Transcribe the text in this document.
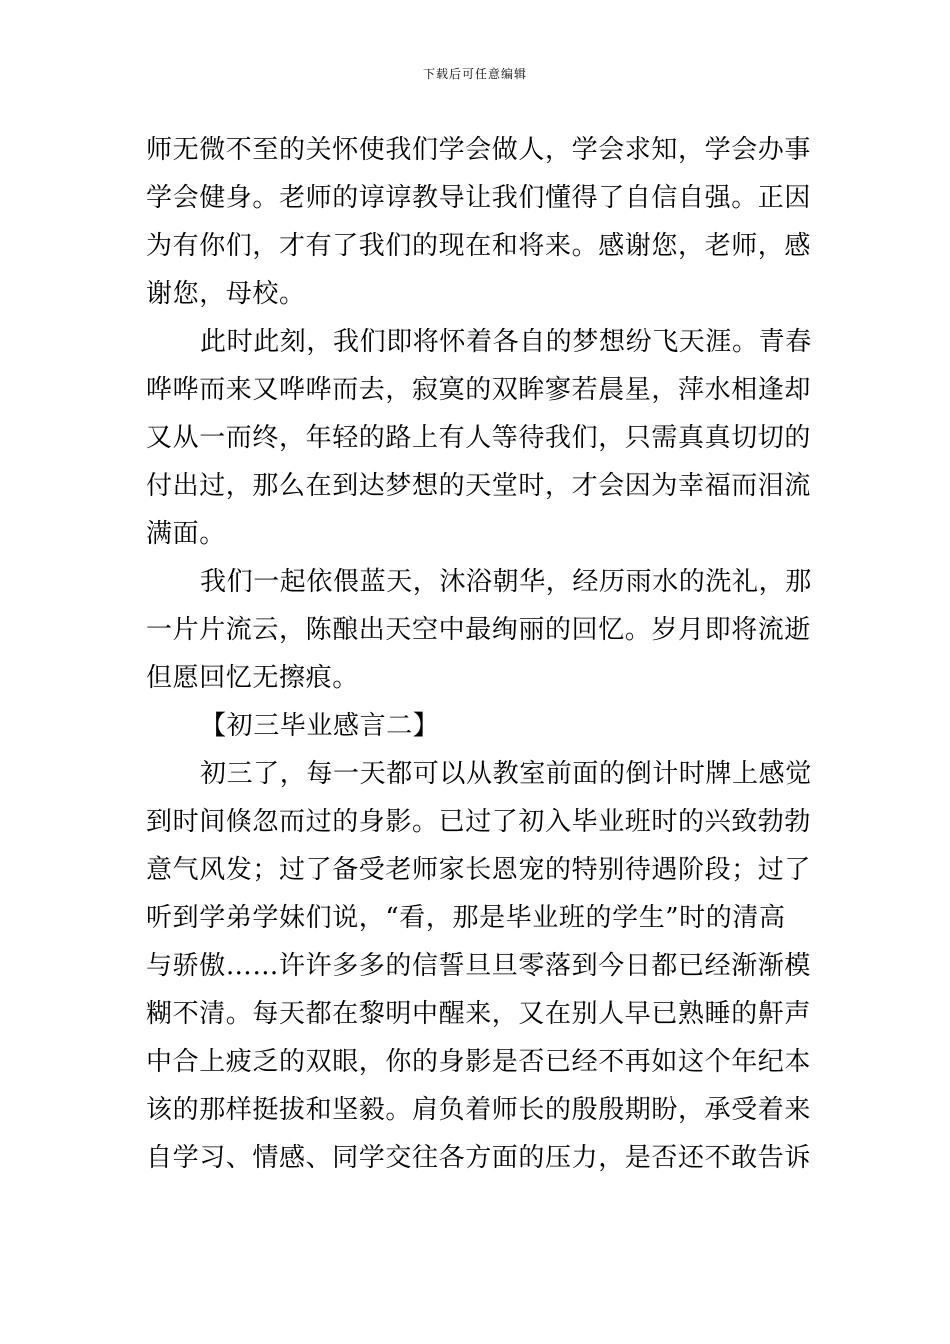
下载后可任意编辑
师无微不至的关怀使我们学会做人，学会求知，学会办事
学会健身。老师的谆谆教导让我们懂得了自信自强。正因
为有你们，才有了我们的现在和将来。感谢您，老师，感
谢您，母校。
此时此刻，我们即将怀着各自的梦想纷飞天涯。青春
哗哗而来又哗哗而去，寂寞的双眸寥若晨星，萍水相逢却
又从一而终，年轻的路上有人等待我们，只需真真切切的
付出过，那么在到达梦想的天堂时，才会因为幸福而泪流
满面。
我们一起依偎蓝天，沐浴朝华，经历雨水的洗礼，那
一片片流云，陈酿出天空中最绚丽的回忆。岁月即将流逝
但愿回忆无擦痕。
【初三毕业感言二】
初三了，每一天都可以从教室前面的倒计时牌上感觉
到时间倏忽而过的身影。已过了初入毕业班时的兴致勃勃
意气风发；过了备受老师家长恩宠的特别待遇阶段；过了
听到学弟学妹们说，“看，那是毕业班的学生”时的清高
与骄傲……许许多多的信誓旦旦零落到今日都已经渐渐模
糊不清。每天都在黎明中醒来，又在别人早已熟睡的鼾声
中合上疲乏的双眼，你的身影是否已经不再如这个年纪本
该的那样挺拔和坚毅。肩负着师长的殷殷期盼，承受着来
自学习、情感、同学交往各方面的压力，是否还不敢告诉
